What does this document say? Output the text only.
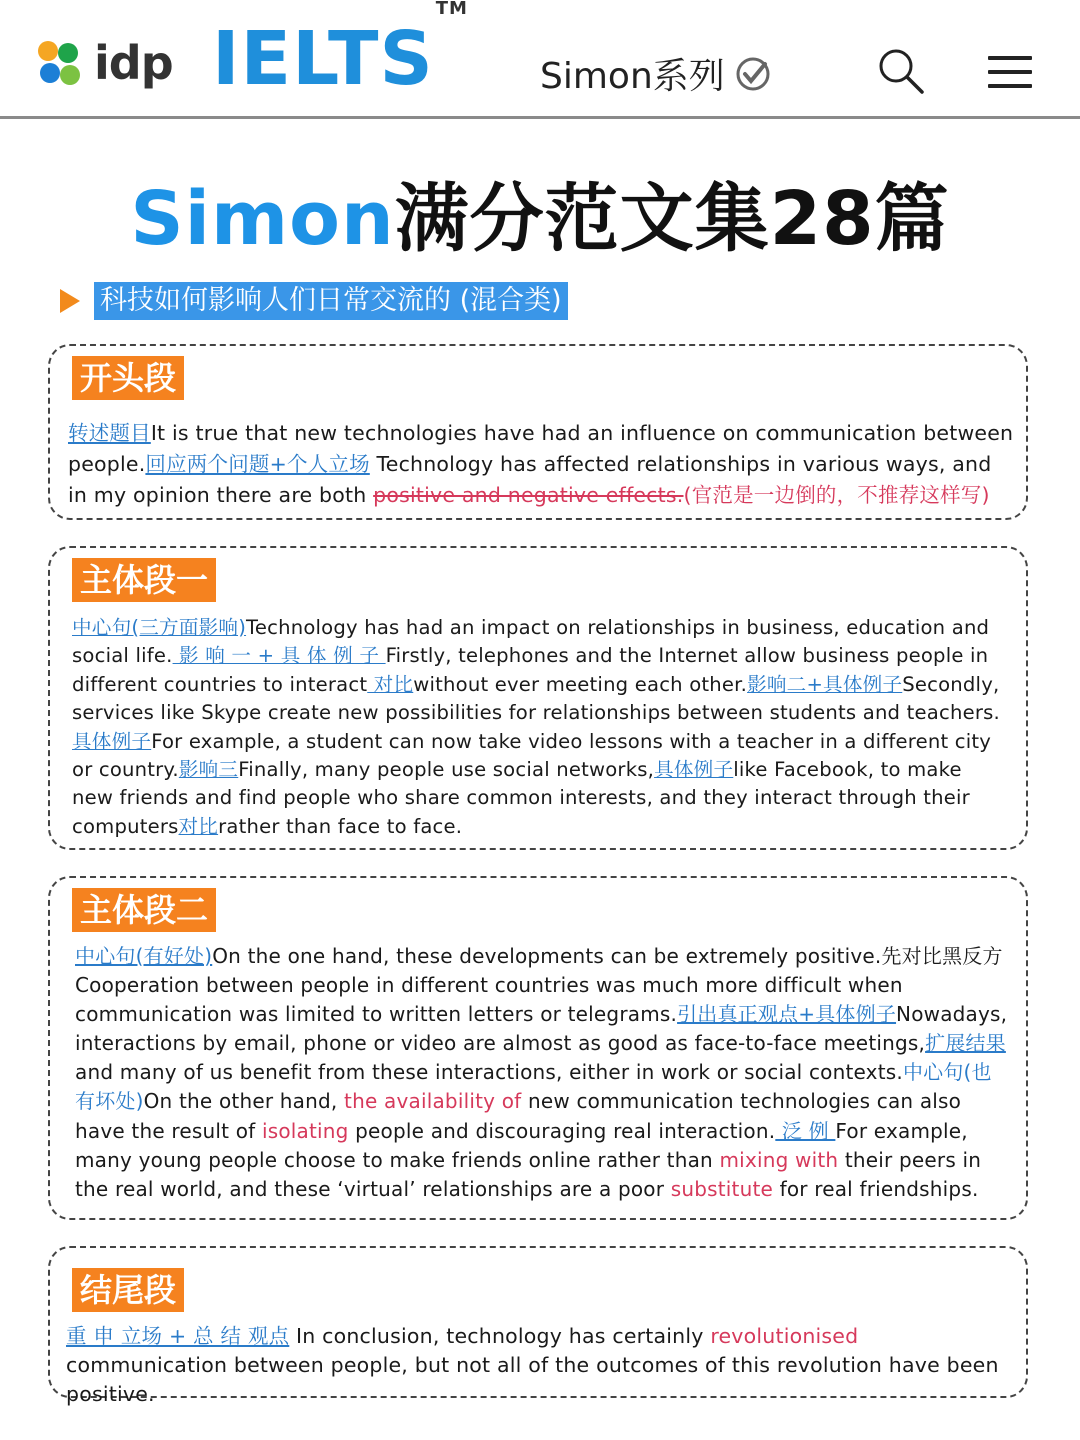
idp IELTS™
Simon系列
Simon满分范文集28篇
科技如何影响人们日常交流的 (混合类)
开头段
转述题目It is true that new technologies have had an influence on communication between people.回应两个问题+个人立场 Technology has affected relationships in various ways, and in my opinion there are both positive and negative effects.(官范是一边倒的，不推荐这样写)
主体段一
中心句(三方面影响)Technology has had an impact on relationships in business, education and social life. 影 响 一 + 具 体 例 子 Firstly, telephones and the Internet allow business people in different countries to interact 对比without ever meeting each other.影响二+具体例子Secondly, services like Skype create new possibilities for relationships between students and teachers.具体例子For example, a student can now take video lessons with a teacher in a different city or country.影响三Finally, many people use social networks,具体例子like Facebook, to make new friends and find people who share common interests, and they interact through their computers对比rather than face to face.
主体段二
中心句(有好处)On the one hand, these developments can be extremely positive.先对比黑反方 Cooperation between people in different countries was much more difficult when communication was limited to written letters or telegrams.引出真正观点+具体例子Nowadays, interactions by email, phone or video are almost as good as face-to-face meetings,扩展结果and many of us benefit from these interactions, either in work or social contexts.中心句(也有坏处)On the other hand, the availability of new communication technologies can also have the result of isolating people and discouraging real interaction. 泛 例 For example, many young people choose to make friends online rather than mixing with their peers in the real world, and these ‘virtual’ relationships are a poor substitute for real friendships.
结尾段
重 申 立场 + 总 结 观点 In conclusion, technology has certainly revolutionised communication between people, but not all of the outcomes of this revolution have been positive.
